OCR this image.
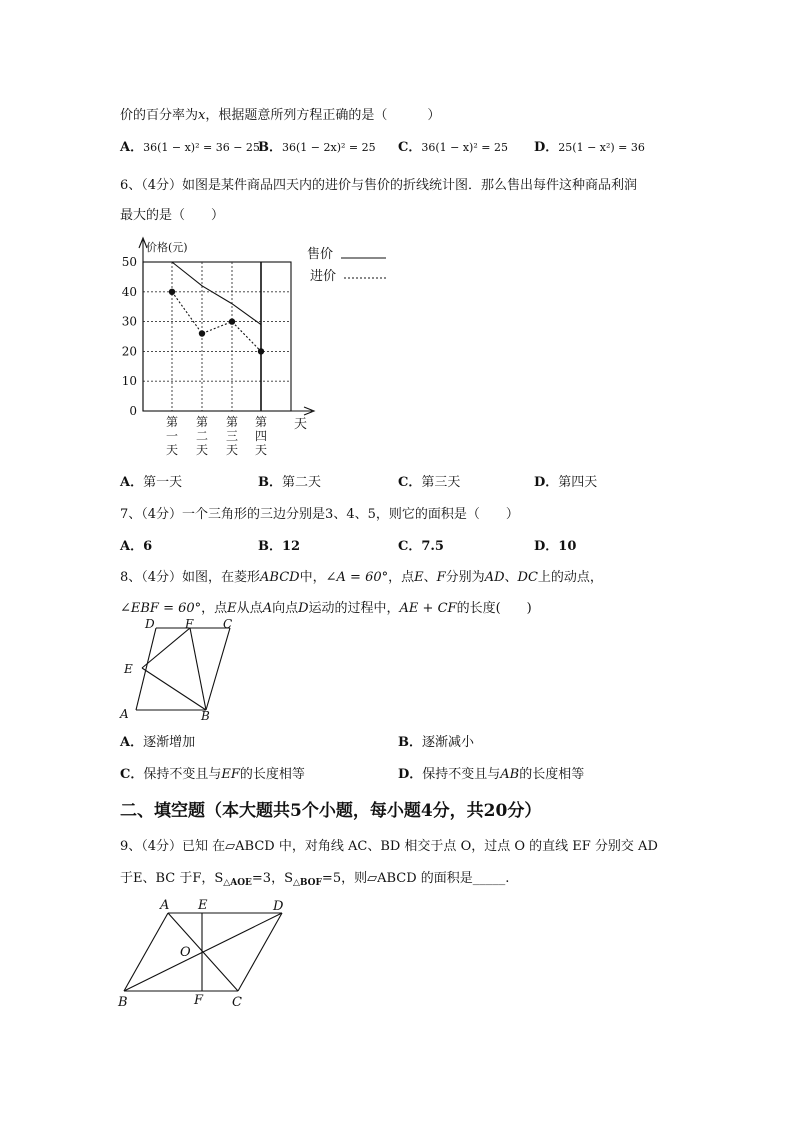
价的百分率为x，根据题意所列方程正确的是（	）
A．36(1 − x)² = 36 − 25
B．36(1 − 2x)² = 25 C．36(1 − x)² = 25 D．25(1 − x²) = 36
6、（4分）如图是某件商品四天内的进价与售价的折线统计图．那么售出每件这种商品利润
最大的是（　　）
0
10
20
30
40
50
价格(元)
天
第一天
第二天
第三天
第四天
售价
进价
A．第一天	B．第二天	C．第三天	D．第四天
7、（4分）一个三角形的三边分别是3、4、5，则它的面积是（　　）
A．6	B．12	C．7.5	D．10
8、（4分）如图，在菱形ABCD中，∠A = 60°，点E、F分别为AD、DC上的动点，
∠EBF = 60°，点E从点A向点D运动的过程中，AE + CF的长度(　　)
D	F C
E
A	B
A．逐渐增加	B．逐渐减小
C．保持不变且与EF的长度相等	D．保持不变且与AB的长度相等
二、填空题（本大题共5个小题，每小题4分，共20分）
9、（4分）已知 在▱ABCD 中，对角线 AC、BD 相交于点 O，过点 O 的直线 EF 分别交 AD
于E、BC 于F，$S_{\triangle AOE}=3$，$S_{\triangle BOF}=5$，则▱ABCD 的面积是_____.
A E	D
O
B	F C
